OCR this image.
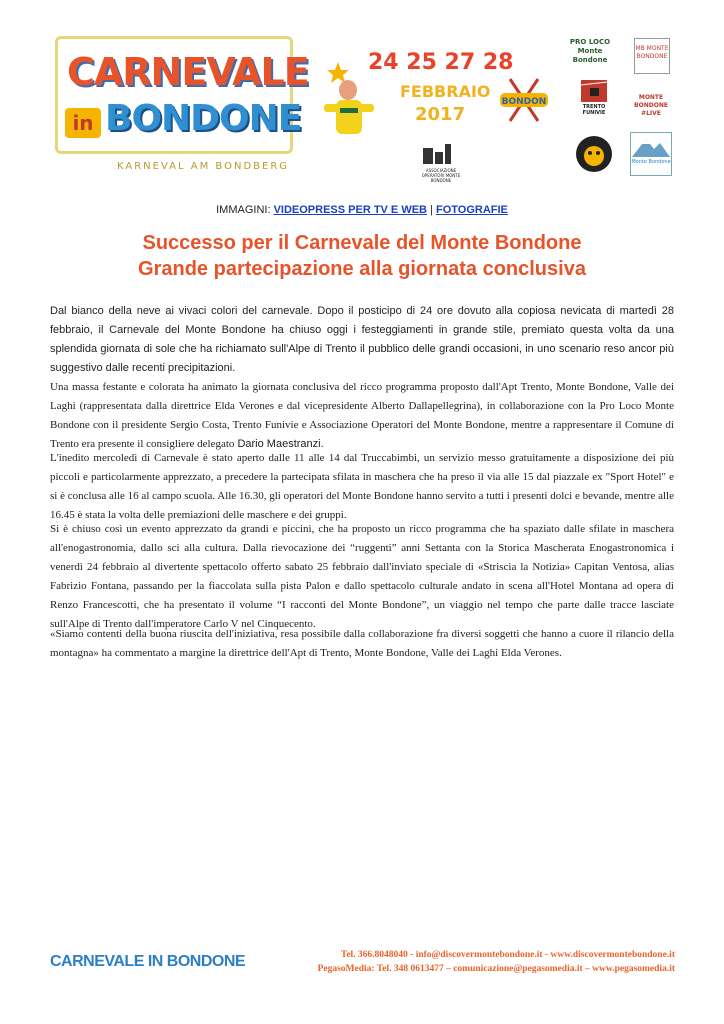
CARNEVALE
in BONDONE
KARNEVAL AM BONDBERG
24 25 27 28
FEBBRAIO
2017
BONDON
ASSOCIAZIONE OPERATORI MONTE BONDONE
PRO LOCO Monte Bondone
MB MONTE BONDONE
TRENTO FUNIVIE
MONTE BONDONE #LIVE
Monte Bondone
IMMAGINI: VIDEOPRESS PER TV E WEB | FOTOGRAFIE
Successo per il Carnevale del Monte Bondone
Grande partecipazione alla giornata conclusiva
Dal bianco della neve ai vivaci colori del carnevale. Dopo il posticipo di 24 ore dovuto alla copiosa nevicata di martedì 28 febbraio, il Carnevale del Monte Bondone ha chiuso oggi i festeggiamenti in grande stile, premiato questa volta da una splendida giornata di sole che ha richiamato sull'Alpe di Trento il pubblico delle grandi occasioni, in uno scenario reso ancor più suggestivo dalle recenti precipitazioni.
Una massa festante e colorata ha animato la giornata conclusiva del ricco programma proposto dall'Apt Trento, Monte Bondone, Valle dei Laghi (rappresentata dalla direttrice Elda Verones e dal vicepresidente Alberto Dallapellegrina), in collaborazione con la Pro Loco Monte Bondone con il presidente Sergio Costa, Trento Funivie e Associazione Operatori del Monte Bondone, mentre a rappresentare il Comune di Trento era presente il consigliere delegato Dario Maestranzi.
L'inedito mercoledì di Carnevale è stato aperto dalle 11 alle 14 dal Truccabimbi, un servizio messo gratuitamente a disposizione dei più piccoli e particolarmente apprezzato, a precedere la partecipata sfilata in maschera che ha preso il via alle 15 dal piazzale ex "Sport Hotel" e si è conclusa alle 16 al campo scuola. Alle 16.30, gli operatori del Monte Bondone hanno servito a tutti i presenti dolci e bevande, mentre alle 16.45 è stata la volta delle premiazioni delle maschere e dei gruppi.
Si è chiuso così un evento apprezzato da grandi e piccini, che ha proposto un ricco programma che ha spaziato dalle sfilate in maschera all'enogastronomia, dallo sci alla cultura. Dalla rievocazione dei “ruggenti” anni Settanta con la Storica Mascherata Enogastronomica i venerdì 24 febbraio al divertente spettacolo offerto sabato 25 febbraio dall'inviato speciale di «Striscia la Notizia» Capitan Ventosa, alias Fabrizio Fontana, passando per la fiaccolata sulla pista Palon e dallo spettacolo culturale andato in scena all'Hotel Montana ad opera di Renzo Francescotti, che ha presentato il volume “I racconti del Monte Bondone”, un viaggio nel tempo che parte dalle tracce lasciate sull'Alpe di Trento dall'imperatore Carlo V nel Cinquecento.
«Siamo contenti della buona riuscita dell'iniziativa, resa possibile dalla collaborazione fra diversi soggetti che hanno a cuore il rilancio della montagna» ha commentato a margine la direttrice dell'Apt di Trento, Monte Bondone, Valle dei Laghi Elda Verones.
CARNEVALE IN BONDONE	Tel. 366.8048040 - info@discovermontebondone.it - www.discovermontebondone.it
PegasoMedia: Tel. 348 0613477 – comunicazione@pegasomedia.it – www.pegasomedia.it
